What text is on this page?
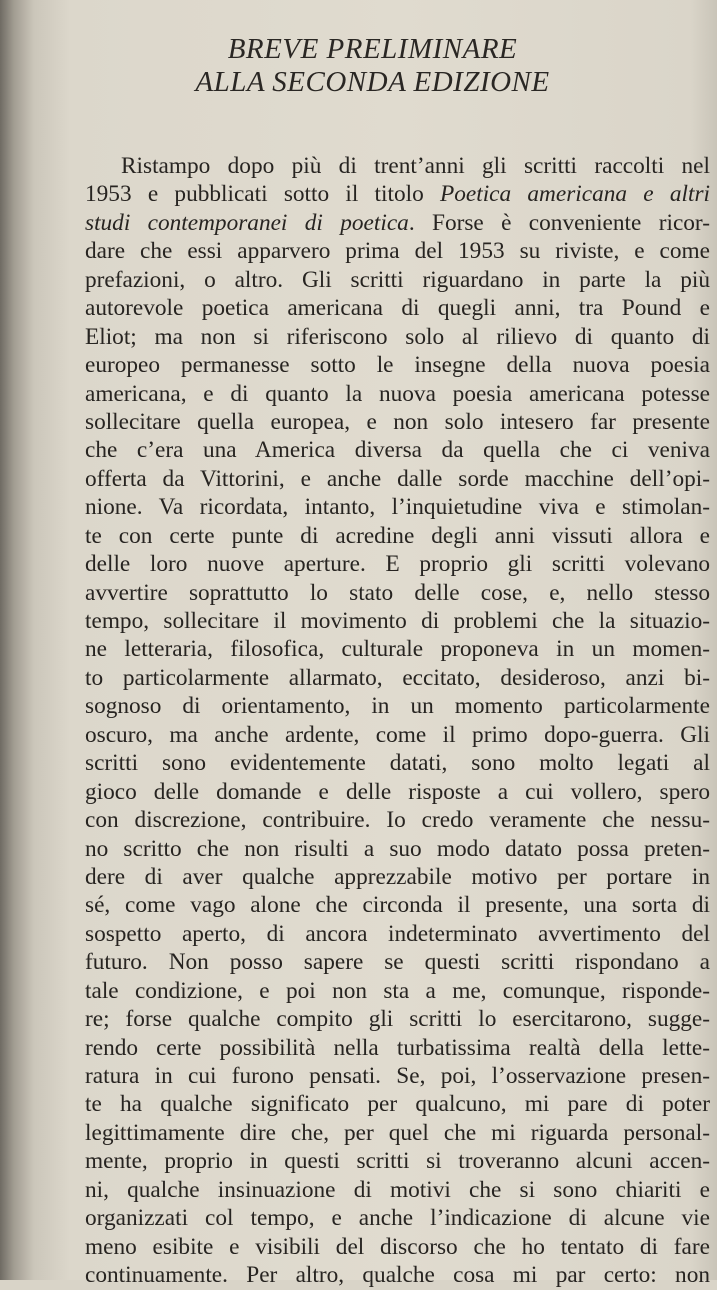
BREVE PRELIMINARE
ALLA SECONDA EDIZIONE
Ristampo dopo più di trent’anni gli scritti raccolti nel
1953 e pubblicati sotto il titolo Poetica americana e altri
studi contemporanei di poetica. Forse è conveniente ricor-
dare che essi apparvero prima del 1953 su riviste, e come
prefazioni, o altro. Gli scritti riguardano in parte la più
autorevole poetica americana di quegli anni, tra Pound e
Eliot; ma non si riferiscono solo al rilievo di quanto di
europeo permanesse sotto le insegne della nuova poesia
americana, e di quanto la nuova poesia americana potesse
sollecitare quella europea, e non solo intesero far presente
che c’era una America diversa da quella che ci veniva
offerta da Vittorini, e anche dalle sorde macchine dell’opi-
nione. Va ricordata, intanto, l’inquietudine viva e stimolan-
te con certe punte di acredine degli anni vissuti allora e
delle loro nuove aperture. E proprio gli scritti volevano
avvertire soprattutto lo stato delle cose, e, nello stesso
tempo, sollecitare il movimento di problemi che la situazio-
ne letteraria, filosofica, culturale proponeva in un momen-
to particolarmente allarmato, eccitato, desideroso, anzi bi-
sognoso di orientamento, in un momento particolarmente
oscuro, ma anche ardente, come il primo dopo-guerra. Gli
scritti sono evidentemente datati, sono molto legati al
gioco delle domande e delle risposte a cui vollero, spero
con discrezione, contribuire. Io credo veramente che nessu-
no scritto che non risulti a suo modo datato possa preten-
dere di aver qualche apprezzabile motivo per portare in
sé, come vago alone che circonda il presente, una sorta di
sospetto aperto, di ancora indeterminato avvertimento del
futuro. Non posso sapere se questi scritti rispondano a
tale condizione, e poi non sta a me, comunque, risponde-
re; forse qualche compito gli scritti lo esercitarono, sugge-
rendo certe possibilità nella turbatissima realtà della lette-
ratura in cui furono pensati. Se, poi, l’osservazione presen-
te ha qualche significato per qualcuno, mi pare di poter
legittimamente dire che, per quel che mi riguarda personal-
mente, proprio in questi scritti si troveranno alcuni accen-
ni, qualche insinuazione di motivi che si sono chiariti e
organizzati col tempo, e anche l’indicazione di alcune vie
meno esibite e visibili del discorso che ho tentato di fare
continuamente. Per altro, qualche cosa mi par certo: non
